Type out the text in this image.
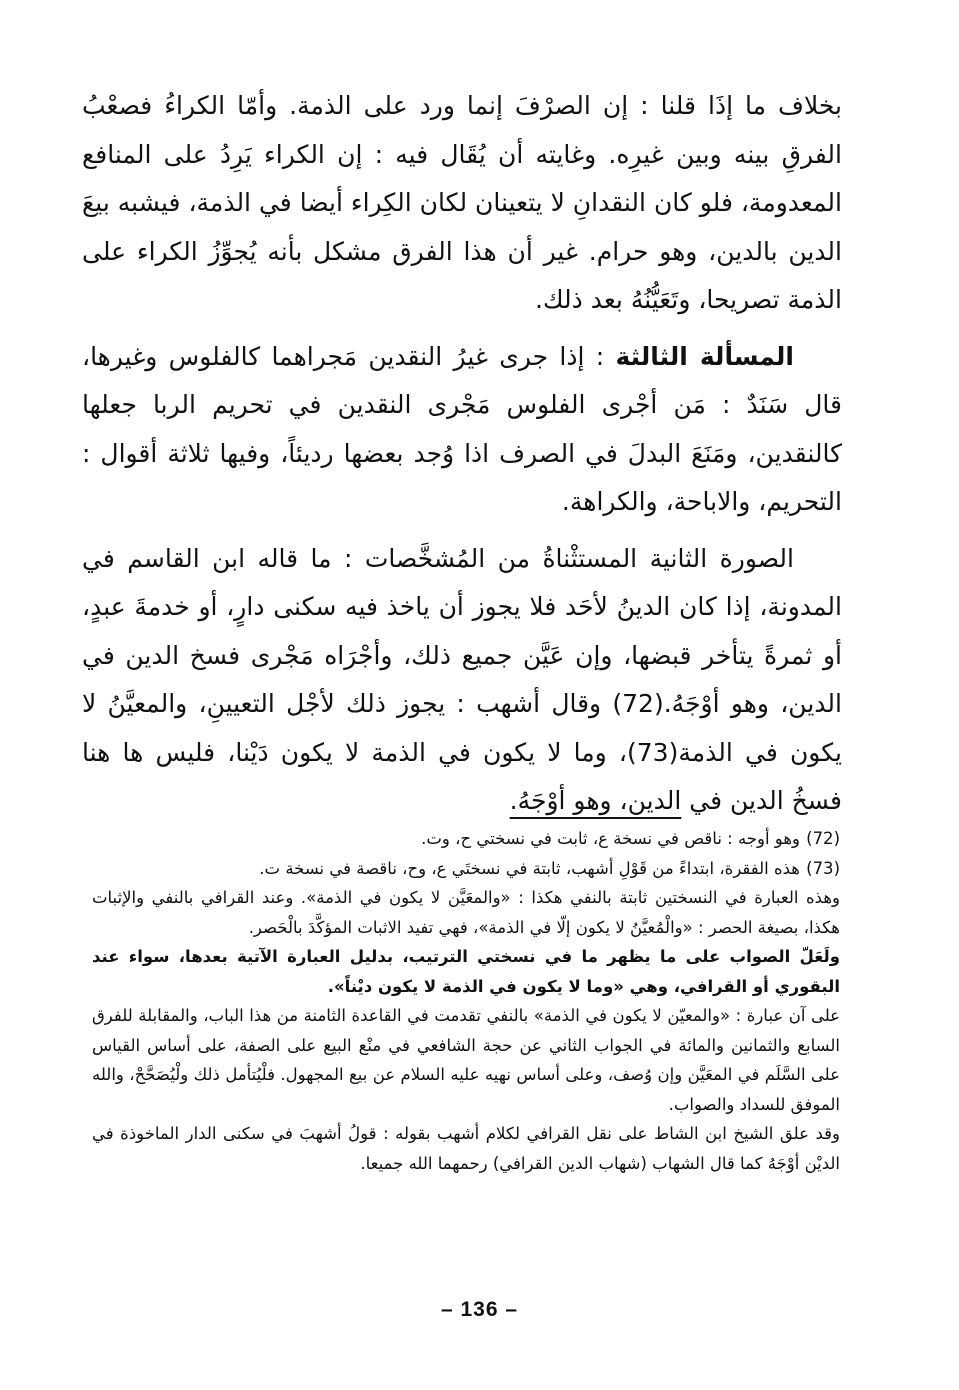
بخلاف ما إذَا قلنا : إن الصرْفَ إنما ورد على الذمة. وأمّا الكراءُ فصعْبُ الفرقِ بينه وبين غيرِه. وغايته أن يُقَال فيه : إن الكراء يَرِدُ على المنافع المعدومة، فلو كان النقدانِ لا يتعينان لكان الكِراء أيضا في الذمة، فيشبه بيعَ الدين بالدين، وهو حرام. غير أن هذا الفرق مشكل بأنه يُجوِّزُ الكراء على الذمة تصريحا، وتَعَيُّنُهُ بعد ذلك.

المسألة الثالثة : إذا جرى غيرُ النقدين مَجراهما كالفلوس وغيرها، قال سَنَدٌ : مَن أجْرى الفلوس مَجْرى النقدين في تحريم الربا جعلها كالنقدين، ومَنَعَ البدلَ في الصرف اذا وُجد بعضها رديئاً، وفيها ثلاثة أقوال : التحريم، والاباحة، والكراهة.

الصورة الثانية المستثْناةُ من المُشخَّصات : ما قاله ابن القاسم في المدونة، إذا كان الدينُ لأحَد فلا يجوز أن ياخذ فيه سكنى دارٍ، أو خدمةَ عبدٍ، أو ثمرةً يتأخر قبضها، وإن عَيَّن جميع ذلك، وأجْرَاه مَجْرى فسخ الدين في الدين، وهو أوْجَهُ.(72) وقال أشهب : يجوز ذلك لأجْل التعيينِ، والمعيَّنُ لا يكون في الذمة(73)، وما لا يكون في الذمة لا يكون دَيْنا، فليس ها هنا فسخُ الدين في الدين، وهو أوْجَهُ.

(72)وهو أوجه : ناقص في نسخة ع، ثابت في نسختي ح، وت.

(73)هذه الفقرة، ابتداءً من قَوْلِ أشهب، ثابتة في نسختَي ع، وح، ناقصة في نسخة ت.

وهذه العبارة في النسختين ثابتة بالنفي هكذا : «والمعَيَّن لا يكون في الذمة». وعند القرافي بالنفي والإثبات هكذا، بصيغة الحصر : «والْمُعيَّنُ لا يكون إلّا في الذمة»، فهي تفيد الاثبات المؤكَّدَ بالْحَصر.

ولَعَلّ الصواب على ما يظهر ما في نسختي الترتيب، بدليل العبارة الآتية بعدها، سواء عند البقوري أو القرافي، وهي «وما لا يكون في الذمة لا يكون ديْناً».

على آن عبارة : «والمعيّن لا يكون في الذمة» بالنفي تقدمت في القاعدة الثامنة من هذا الباب، والمقابلة للفرق السابع والثمانين والمائة في الجواب الثاني عن حجة الشافعي في منْع البيع على الصفة، على أساس القياس على السَّلَم في المعَيَّن وإن وُصف، وعلى أساس نهيه عليه السلام عن بيع المجهول. فلْيُتأمل ذلك ولْيُصَحَّحْ، والله الموفق للسداد والصواب.

وقد علق الشيخ ابن الشاط على نقل القرافي لكلام أشهب بقوله : قولُ أشهبَ في سكنى الدار الماخوذة في الديْن أوْجَهُ كما قال الشهاب (شهاب الدين القرافي) رحمهما الله جميعا.

– 136 –
